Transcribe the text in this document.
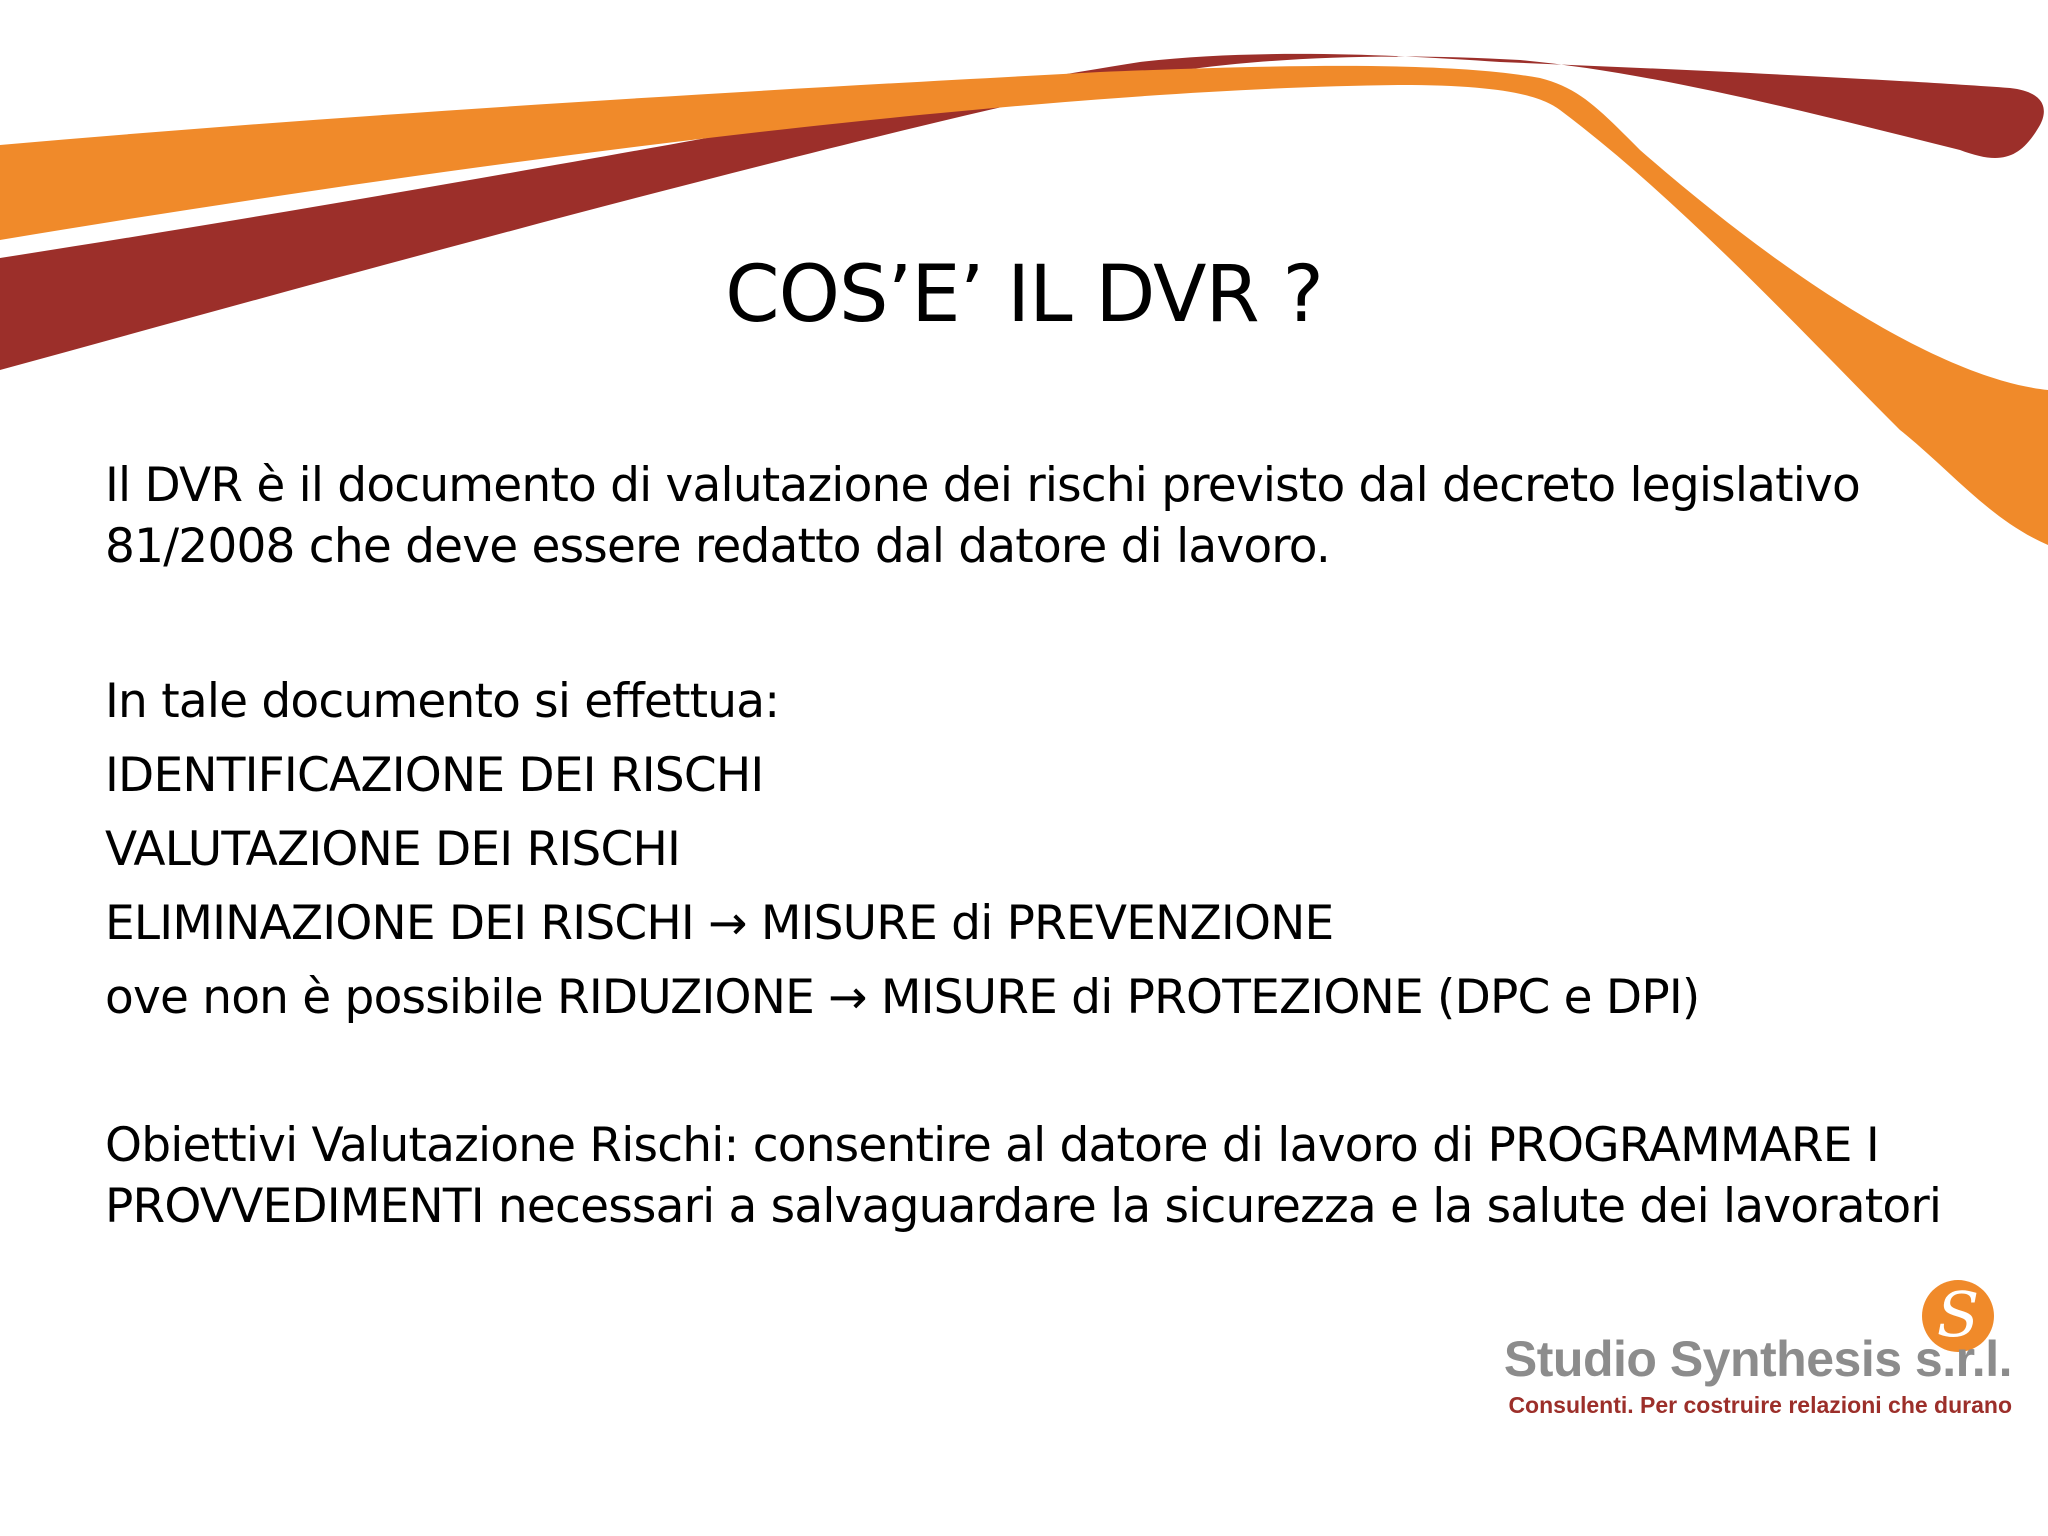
COS’E’ IL DVR ?

Il DVR è il documento di valutazione dei rischi previsto dal decreto legislativo 81/2008 che deve essere redatto dal datore di lavoro.

In tale documento si effettua:

IDENTIFICAZIONE DEI RISCHI

VALUTAZIONE DEI RISCHI

ELIMINAZIONE DEI RISCHI → MISURE di PREVENZIONE

ove non è possibile RIDUZIONE → MISURE di PROTEZIONE (DPC e DPI)

Obiettivi Valutazione Rischi: consentire al datore di lavoro di PROGRAMMARE I PROVVEDIMENTI necessari a salvaguardare la sicurezza e la salute dei lavoratori

S
Studio Synthesis s.r.l.
Consulenti. Per costruire relazioni che durano
